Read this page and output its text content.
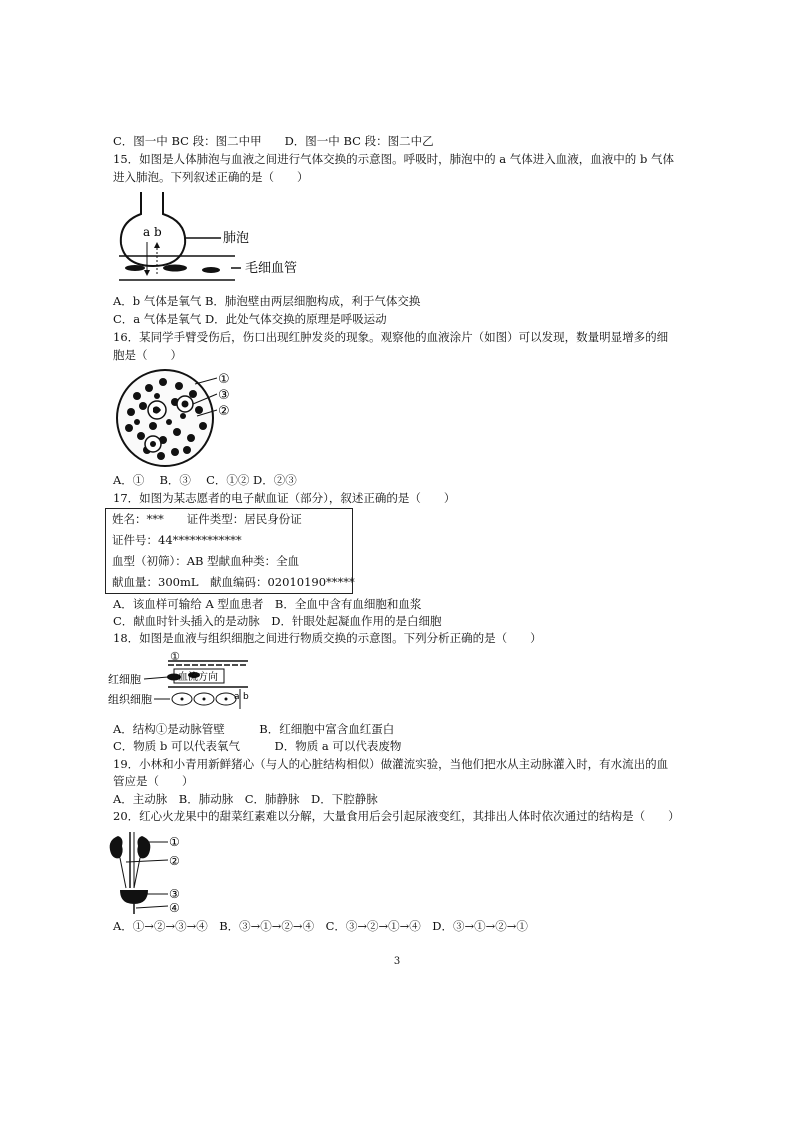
C．图一中 BC 段：图二中甲　　D．图一中 BC 段：图二中乙
15．如图是人体肺泡与血液之间进行气体交换的示意图。呼吸时，肺泡中的 a 气体进入血液，血液中的 b 气体
进入肺泡。下列叙述正确的是（　　）
a b	肺泡
毛细血管
A．b 气体是氧气 B．肺泡壁由两层细胞构成，利于气体交换
C．a 气体是氧气 D．此处气体交换的原理是呼吸运动
16．某同学手臂受伤后，伤口出现红肿发炎的现象。观察他的血液涂片（如图）可以发现，数量明显增多的细
胞是（　　）
①
③
②
A．①　 B．③　 C．①② D．②③
17．如图为某志愿者的电子献血证（部分），叙述正确的是（　　）
姓名：***　　证件类型：居民身份证
证件号：44************
血型（初筛）：AB 型献血种类：全血
献血量：300mL　献血编码：02010190*****
A．该血样可输给 A 型血患者　B．全血中含有血细胞和血浆
C．献血时针头插入的是动脉　D．针眼处起凝血作用的是白细胞
18．如图是血液与组织细胞之间进行物质交换的示意图。下列分析正确的是（　　）
①
红细胞	血流方向
组织细胞	a b
A．结构①是动脉管壁　　　B．红细胞中富含血红蛋白
C．物质 b 可以代表氧气　　　D．物质 a 可以代表废物
19．小林和小青用新鲜猪心（与人的心脏结构相似）做灌流实验，当他们把水从主动脉灌入时，有水流出的血
管应是（　　）
A．主动脉　B．肺动脉　C．肺静脉　D．下腔静脉
20．红心火龙果中的甜菜红素难以分解，大量食用后会引起尿液变红，其排出人体时依次通过的结构是（　　）
①
②
③
④
A．①→②→③→④　B．③→①→②→④　C．③→②→①→④　D．③→①→②→①
3
